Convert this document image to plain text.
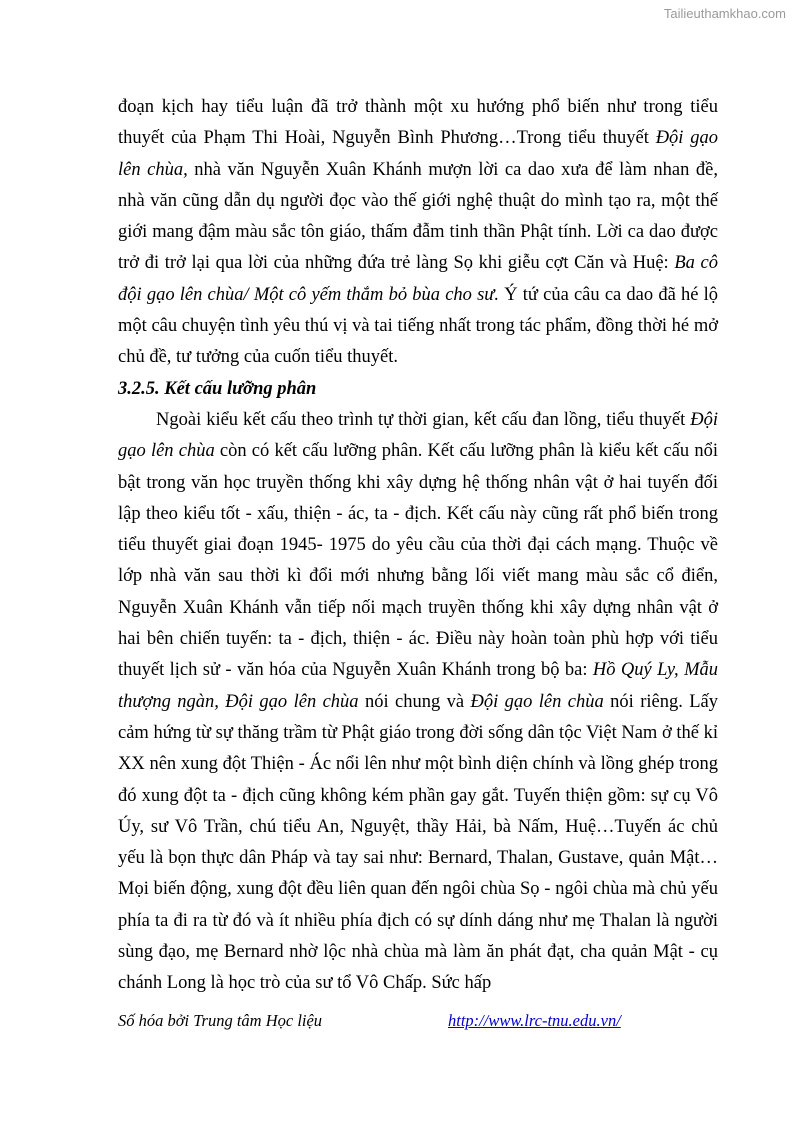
Tailieuthamkhao.com

đoạn kịch hay tiểu luận đã trở thành một xu hướng phổ biến như trong tiểu thuyết của Phạm Thi Hoài, Nguyễn Bình Phương…Trong tiểu thuyết Đội gạo lên chùa, nhà văn Nguyễn Xuân Khánh mượn lời ca dao xưa để làm nhan đề, nhà văn cũng dẫn dụ người đọc vào thế giới nghệ thuật do mình tạo ra, một thế giới mang đậm màu sắc tôn giáo, thấm đẫm tinh thần Phật tính. Lời ca dao được trở đi trở lại qua lời của những đứa trẻ làng Sọ khi giễu cợt Căn và Huệ: Ba cô đội gạo lên chùa/ Một cô yếm thắm bỏ bùa cho sư. Ý tứ của câu ca dao đã hé lộ một câu chuyện tình yêu thú vị và tai tiếng nhất trong tác phẩm, đồng thời hé mở chủ đề, tư tưởng của cuốn tiểu thuyết.

3.2.5. Kết cấu lưỡng phân

Ngoài kiểu kết cấu theo trình tự thời gian, kết cấu đan lồng, tiểu thuyết Đội gạo lên chùa còn có kết cấu lưỡng phân. Kết cấu lưỡng phân là kiểu kết cấu nổi bật trong văn học truyền thống khi xây dựng hệ thống nhân vật ở hai tuyến đối lập theo kiểu tốt - xấu, thiện - ác, ta - địch. Kết cấu này cũng rất phổ biến trong tiểu thuyết giai đoạn 1945- 1975 do yêu cầu của thời đại cách mạng. Thuộc về lớp nhà văn sau thời kì đổi mới nhưng bằng lối viết mang màu sắc cổ điển, Nguyễn Xuân Khánh vẫn tiếp nối mạch truyền thống khi xây dựng nhân vật ở hai bên chiến tuyến: ta - địch, thiện - ác. Điều này hoàn toàn phù hợp với tiểu thuyết lịch sử - văn hóa của Nguyễn Xuân Khánh trong bộ ba: Hồ Quý Ly, Mẫu thượng ngàn, Đội gạo lên chùa nói chung và Đội gạo lên chùa nói riêng. Lấy cảm hứng từ sự thăng trầm từ Phật giáo trong đời sống dân tộc Việt Nam ở thế kỉ XX nên xung đột Thiện - Ác nổi lên như một bình diện chính và lồng ghép trong đó xung đột ta - địch cũng không kém phần gay gắt. Tuyến thiện gồm: sự cụ Vô Úy, sư Vô Trần, chú tiểu An, Nguyệt, thầy Hải, bà Nấm, Huệ…Tuyến ác chủ yếu là bọn thực dân Pháp và tay sai như: Bernard, Thalan, Gustave, quản Mật…Mọi biến động, xung đột đều liên quan đến ngôi chùa Sọ - ngôi chùa mà chủ yếu phía ta đi ra từ đó và ít nhiều phía địch có sự dính dáng như mẹ Thalan là người sùng đạo, mẹ Bernard nhờ lộc nhà chùa mà làm ăn phát đạt, cha quản Mật - cụ chánh Long là học trò của sư tổ Vô Chấp. Sức hấp

Số hóa bởi Trung tâm Học liệu	http://www.lrc-tnu.edu.vn/
